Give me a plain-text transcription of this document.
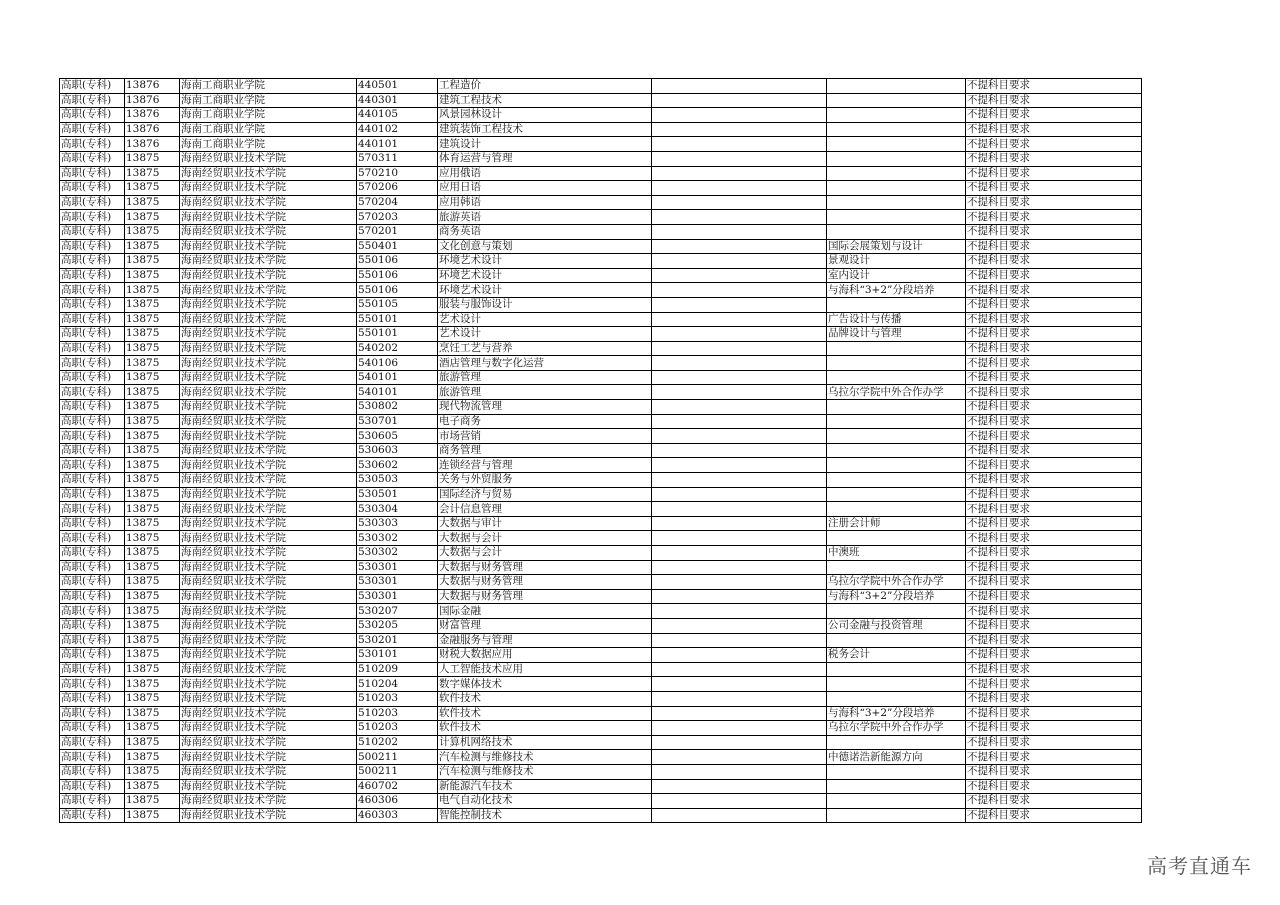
高职(专科)	13876	海南工商职业学院	440501	工程造价			不提科目要求
高职(专科)	13876	海南工商职业学院	440301	建筑工程技术			不提科目要求
高职(专科)	13876	海南工商职业学院	440105	风景园林设计			不提科目要求
高职(专科)	13876	海南工商职业学院	440102	建筑装饰工程技术			不提科目要求
高职(专科)	13876	海南工商职业学院	440101	建筑设计			不提科目要求
高职(专科)	13875	海南经贸职业技术学院	570311	体育运营与管理			不提科目要求
高职(专科)	13875	海南经贸职业技术学院	570210	应用俄语			不提科目要求
高职(专科)	13875	海南经贸职业技术学院	570206	应用日语			不提科目要求
高职(专科)	13875	海南经贸职业技术学院	570204	应用韩语			不提科目要求
高职(专科)	13875	海南经贸职业技术学院	570203	旅游英语			不提科目要求
高职(专科)	13875	海南经贸职业技术学院	570201	商务英语			不提科目要求
高职(专科)	13875	海南经贸职业技术学院	550401	文化创意与策划		国际会展策划与设计	不提科目要求
高职(专科)	13875	海南经贸职业技术学院	550106	环境艺术设计		景观设计	不提科目要求
高职(专科)	13875	海南经贸职业技术学院	550106	环境艺术设计		室内设计	不提科目要求
高职(专科)	13875	海南经贸职业技术学院	550106	环境艺术设计		与海科“3+2”分段培养	不提科目要求
高职(专科)	13875	海南经贸职业技术学院	550105	服装与服饰设计			不提科目要求
高职(专科)	13875	海南经贸职业技术学院	550101	艺术设计		广告设计与传播	不提科目要求
高职(专科)	13875	海南经贸职业技术学院	550101	艺术设计		品牌设计与管理	不提科目要求
高职(专科)	13875	海南经贸职业技术学院	540202	烹饪工艺与营养			不提科目要求
高职(专科)	13875	海南经贸职业技术学院	540106	酒店管理与数字化运营			不提科目要求
高职(专科)	13875	海南经贸职业技术学院	540101	旅游管理			不提科目要求
高职(专科)	13875	海南经贸职业技术学院	540101	旅游管理		乌拉尔学院中外合作办学	不提科目要求
高职(专科)	13875	海南经贸职业技术学院	530802	现代物流管理			不提科目要求
高职(专科)	13875	海南经贸职业技术学院	530701	电子商务			不提科目要求
高职(专科)	13875	海南经贸职业技术学院	530605	市场营销			不提科目要求
高职(专科)	13875	海南经贸职业技术学院	530603	商务管理			不提科目要求
高职(专科)	13875	海南经贸职业技术学院	530602	连锁经营与管理			不提科目要求
高职(专科)	13875	海南经贸职业技术学院	530503	关务与外贸服务			不提科目要求
高职(专科)	13875	海南经贸职业技术学院	530501	国际经济与贸易			不提科目要求
高职(专科)	13875	海南经贸职业技术学院	530304	会计信息管理			不提科目要求
高职(专科)	13875	海南经贸职业技术学院	530303	大数据与审计		注册会计师	不提科目要求
高职(专科)	13875	海南经贸职业技术学院	530302	大数据与会计			不提科目要求
高职(专科)	13875	海南经贸职业技术学院	530302	大数据与会计		中澳班	不提科目要求
高职(专科)	13875	海南经贸职业技术学院	530301	大数据与财务管理			不提科目要求
高职(专科)	13875	海南经贸职业技术学院	530301	大数据与财务管理		乌拉尔学院中外合作办学	不提科目要求
高职(专科)	13875	海南经贸职业技术学院	530301	大数据与财务管理		与海科“3+2”分段培养	不提科目要求
高职(专科)	13875	海南经贸职业技术学院	530207	国际金融			不提科目要求
高职(专科)	13875	海南经贸职业技术学院	530205	财富管理		公司金融与投资管理	不提科目要求
高职(专科)	13875	海南经贸职业技术学院	530201	金融服务与管理			不提科目要求
高职(专科)	13875	海南经贸职业技术学院	530101	财税大数据应用		税务会计	不提科目要求
高职(专科)	13875	海南经贸职业技术学院	510209	人工智能技术应用			不提科目要求
高职(专科)	13875	海南经贸职业技术学院	510204	数字媒体技术			不提科目要求
高职(专科)	13875	海南经贸职业技术学院	510203	软件技术			不提科目要求
高职(专科)	13875	海南经贸职业技术学院	510203	软件技术		与海科“3+2”分段培养	不提科目要求
高职(专科)	13875	海南经贸职业技术学院	510203	软件技术		乌拉尔学院中外合作办学	不提科目要求
高职(专科)	13875	海南经贸职业技术学院	510202	计算机网络技术			不提科目要求
高职(专科)	13875	海南经贸职业技术学院	500211	汽车检测与维修技术		中德诺浩新能源方向	不提科目要求
高职(专科)	13875	海南经贸职业技术学院	500211	汽车检测与维修技术			不提科目要求
高职(专科)	13875	海南经贸职业技术学院	460702	新能源汽车技术			不提科目要求
高职(专科)	13875	海南经贸职业技术学院	460306	电气自动化技术			不提科目要求
高职(专科)	13875	海南经贸职业技术学院	460303	智能控制技术			不提科目要求
高考直通车
